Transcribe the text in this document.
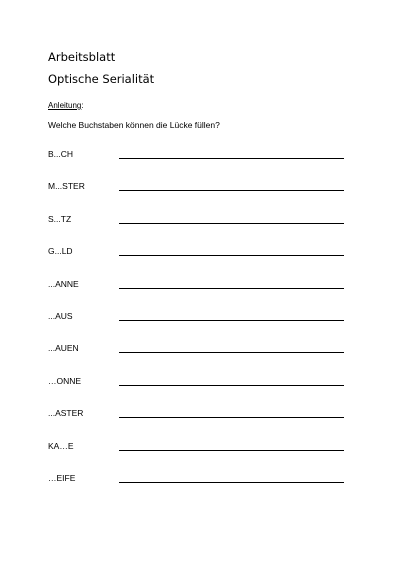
Arbeitsblatt
Optische Serialität
Anleitung:
Welche Buchstaben können die Lücke füllen?
B...CH
M...STER
S...TZ
G...LD
...ANNE
...AUS
...AUEN
…ONNE
...ASTER
KA…E
…EIFE
